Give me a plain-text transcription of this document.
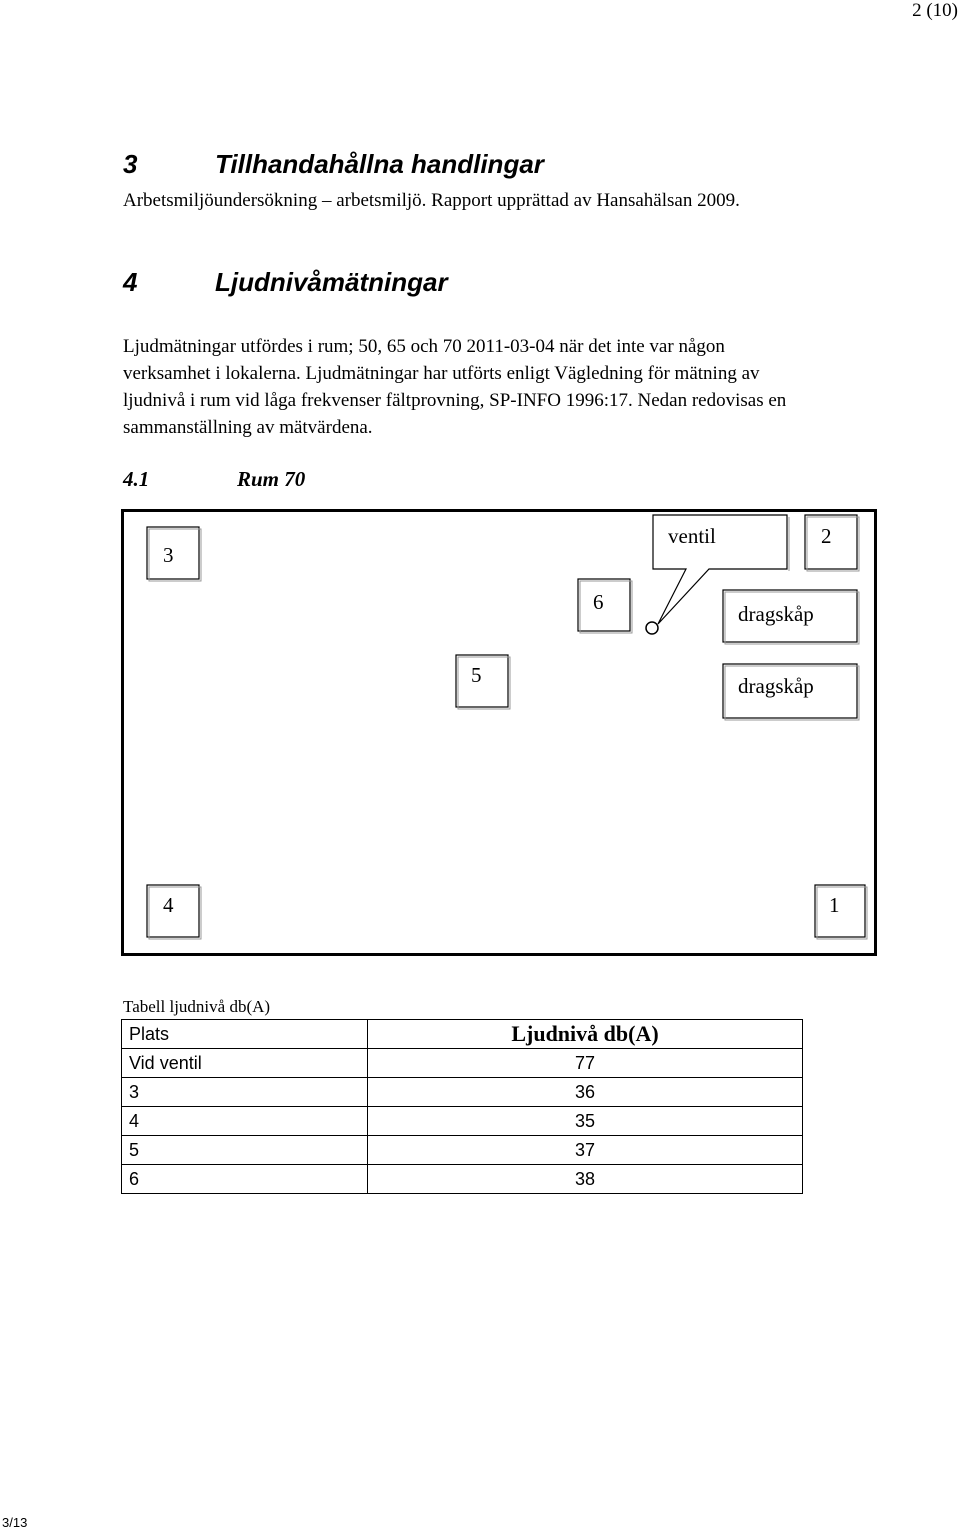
2 (10)
3	Tillhandahållna handlingar
Arbetsmiljöundersökning – arbetsmiljö. Rapport upprättad av Hansahälsan 2009.
4	Ljudnivåmätningar
Ljudmätningar utfördes i rum; 50, 65 och 70 2011-03-04 när det inte var någon
verksamhet i lokalerna. Ljudmätningar har utförts enligt Vägledning för mätning av
ljudnivå i rum vid låga frekvenser fältprovning, SP-INFO 1996:17. Nedan redovisas en
sammanställning av mätvärdena.
4.1	Rum 70
3
ventil	2
6	dragskåp
5	dragskåp
4	1
Tabell ljudnivå db(A)
Plats	Ljudnivå db(A)
Vid ventil	77
3	36
4	35
5	37
6	38
3/13
